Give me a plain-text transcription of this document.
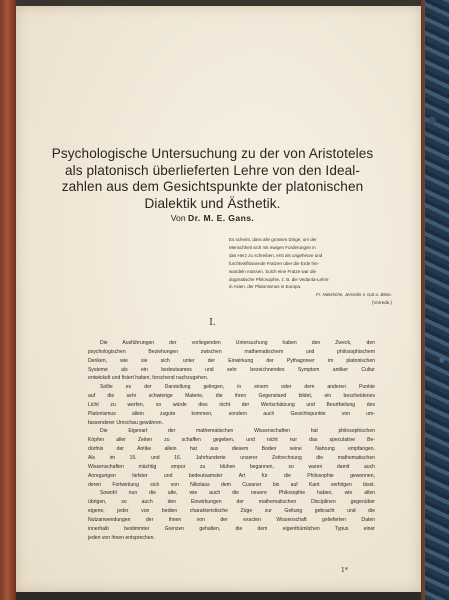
Psychologische Untersuchung zu der von Aristoteles
als platonisch überlieferten Lehre von den Ideal-
zahlen aus dem Gesichtspunkte der platonischen
Dialektik und Ästhetik.
Von Dr. M. E. Gans.
Es scheint, dass alle grossen Dinge, um der
Menschheit sich mit ewigen Forderungen in
das Herz zu schreiben, erst als ungeheure und
furchteinflössende Fratzen über die Erde hin-
wandeln müssen. Solch eine Fratze war die
dogmatische Philosophie, z. B. die Vedanta-Lehre
in Asien, der Platonismus in Europa.
Fr. Nietzsche, Jenseits v. Gut u. Böse.
(Vorrede.)
I.
Die Ausführungen der vorliegenden Untersuchung haben den Zweck, den
psychologischen Beziehungen zwischen mathematischem und philosophischem
Denken, wie sie sich unter der Einwirkung der Pythagoreer im platonischen
Systeme als ein bedeutsames und sehr bezeichnendes Symptom antiker Cultur
entwickelt und fixiert haben, forschend nachzugehen.
Sollte es der Darstellung gelingen, in einem oder dem anderen Punkte
auf die sehr schwierige Materie, die ihren Gegenstand bildet, ein bescheidenes
Licht zu werfen, so würde dies nicht der Wertschätzung und Beurtheilung des
Platonismus allein zugute kommen, sondern auch Gesichtspunkte von um-
fassenderer Umschau gewähren.
Die Eigenart der mathematischen Wissenschaften hat philosophischen
Köpfen aller Zeiten zu schaffen gegeben, und nicht nur das speculative Be-
dürfnis der Antike allein hat aus diesem Boden seine Nahrung empfangen.
Als im 15. und 16. Jahrhunderte unserer Zeitrechnung die mathematischen
Wissenschaften mächtig empor zu blühen begannen, so waren damit auch
Anregungen tiefster und bedeutsamster Art für die Philosophie gewonnen,
deren Fortwirkung sich von Nikolaus dem Cusaner bis auf Kant verfolgen lässt.
Sowohl nun die alte, wie auch die neuere Philosophie haben, wie allen
übrigen, so auch den Einwirkungen der mathematischen Disciplinen gegenüber
eigene, jeder von beiden charakteristische Züge zur Geltung gebracht und die
Nutzanwendungen der ihnen von der exacten Wissenschaft gelieferten Daten
innerhalb bestimmter Grenzen gehalten, die dem eigenthümlichen Typus einer
jeden von ihnen entsprechen.
1*
